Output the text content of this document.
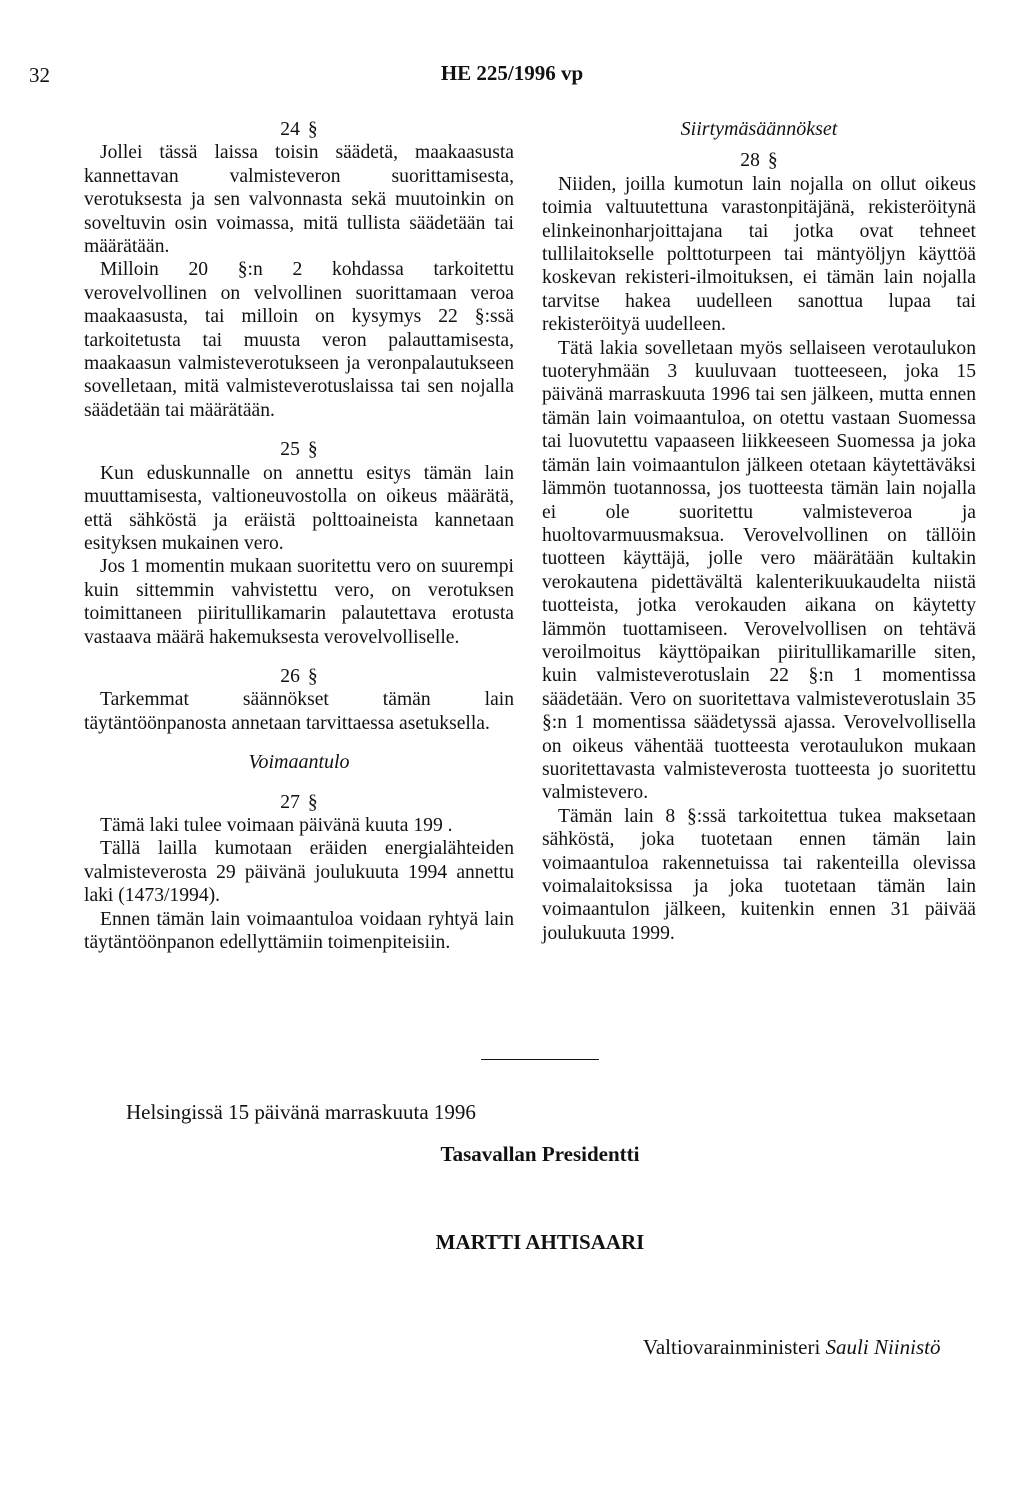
32	HE 225/1996 vp
24 §

Jollei tässä laissa toisin säädetä, maakaasusta kannettavan valmisteveron suorittamisesta, verotuksesta ja sen valvonnasta sekä muutoinkin on soveltuvin osin voimassa, mitä tullista säädetään tai määrätään.

Milloin 20 §:n 2 kohdassa tarkoitettu verovelvollinen on velvollinen suorittamaan veroa maakaasusta, tai milloin on kysymys 22 §:ssä tarkoitetusta tai muusta veron palauttamisesta, maakaasun valmisteverotukseen ja veronpalautukseen sovelletaan, mitä valmisteverotuslaissa tai sen nojalla säädetään tai määrätään.

25 §

Kun eduskunnalle on annettu esitys tämän lain muuttamisesta, valtioneuvostolla on oikeus määrätä, että sähköstä ja eräistä polttoaineista kannetaan esityksen mukainen vero.

Jos 1 momentin mukaan suoritettu vero on suurempi kuin sittemmin vahvistettu vero, on verotuksen toimittaneen piiritullikamarin palautettava erotusta vastaava määrä hakemuksesta verovelvolliselle.

26 §

Tarkemmat säännökset tämän lain täytäntöönpanosta annetaan tarvittaessa asetuksella.

Voimaantulo
27 §

Tämä laki tulee voimaan päivänä kuuta 199 .

Tällä lailla kumotaan eräiden energialähteiden valmisteverosta 29 päivänä joulukuuta 1994 annettu laki (1473/1994).

Ennen tämän lain voimaantuloa voidaan ryhtyä lain täytäntöönpanon edellyttämiin toimenpiteisiin.

Siirtymäsäännökset
28 §

Niiden, joilla kumotun lain nojalla on ollut oikeus toimia valtuutettuna varastonpitäjänä, rekisteröitynä elinkeinonharjoittajana tai jotka ovat tehneet tullilaitokselle polttoturpeen tai mäntyöljyn käyttöä koskevan rekisteri-ilmoituksen, ei tämän lain nojalla tarvitse hakea uudelleen sanottua lupaa tai rekisteröityä uudelleen.

Tätä lakia sovelletaan myös sellaiseen verotaulukon tuoteryhmään 3 kuuluvaan tuotteeseen, joka 15 päivänä marraskuuta 1996 tai sen jälkeen, mutta ennen tämän lain voimaantuloa, on otettu vastaan Suomessa tai luovutettu vapaaseen liikkeeseen Suomessa ja joka tämän lain voimaantulon jälkeen otetaan käytettäväksi lämmön tuotannossa, jos tuotteesta tämän lain nojalla ei ole suoritettu valmisteveroa ja huoltovarmuusmaksua. Verovelvollinen on tällöin tuotteen käyttäjä, jolle vero määrätään kultakin verokautena pidettävältä kalenterikuukaudelta niistä tuotteista, jotka verokauden aikana on käytetty lämmön tuottamiseen. Verovelvollisen on tehtävä veroilmoitus käyttöpaikan piiritullikamarille siten, kuin valmisteverotuslain 22 §:n 1 momentissa säädetään. Vero on suoritettava valmisteverotuslain 35 §:n 1 momentissa säädetyssä ajassa. Verovelvollisella on oikeus vähentää tuotteesta verotaulukon mukaan suoritettavasta valmisteverosta tuotteesta jo suoritettu valmistevero.

Tämän lain 8 §:ssä tarkoitettua tukea maksetaan sähköstä, joka tuotetaan ennen tämän lain voimaantuloa rakennetuissa tai rakenteilla olevissa voimalaitoksissa ja joka tuotetaan tämän lain voimaantulon jälkeen, kuitenkin ennen 31 päivää joulukuuta 1999.

Helsingissä 15 päivänä marraskuuta 1996
Tasavallan Presidentti
MARTTI AHTISAARI
Valtiovarainministeri Sauli Niinistö
